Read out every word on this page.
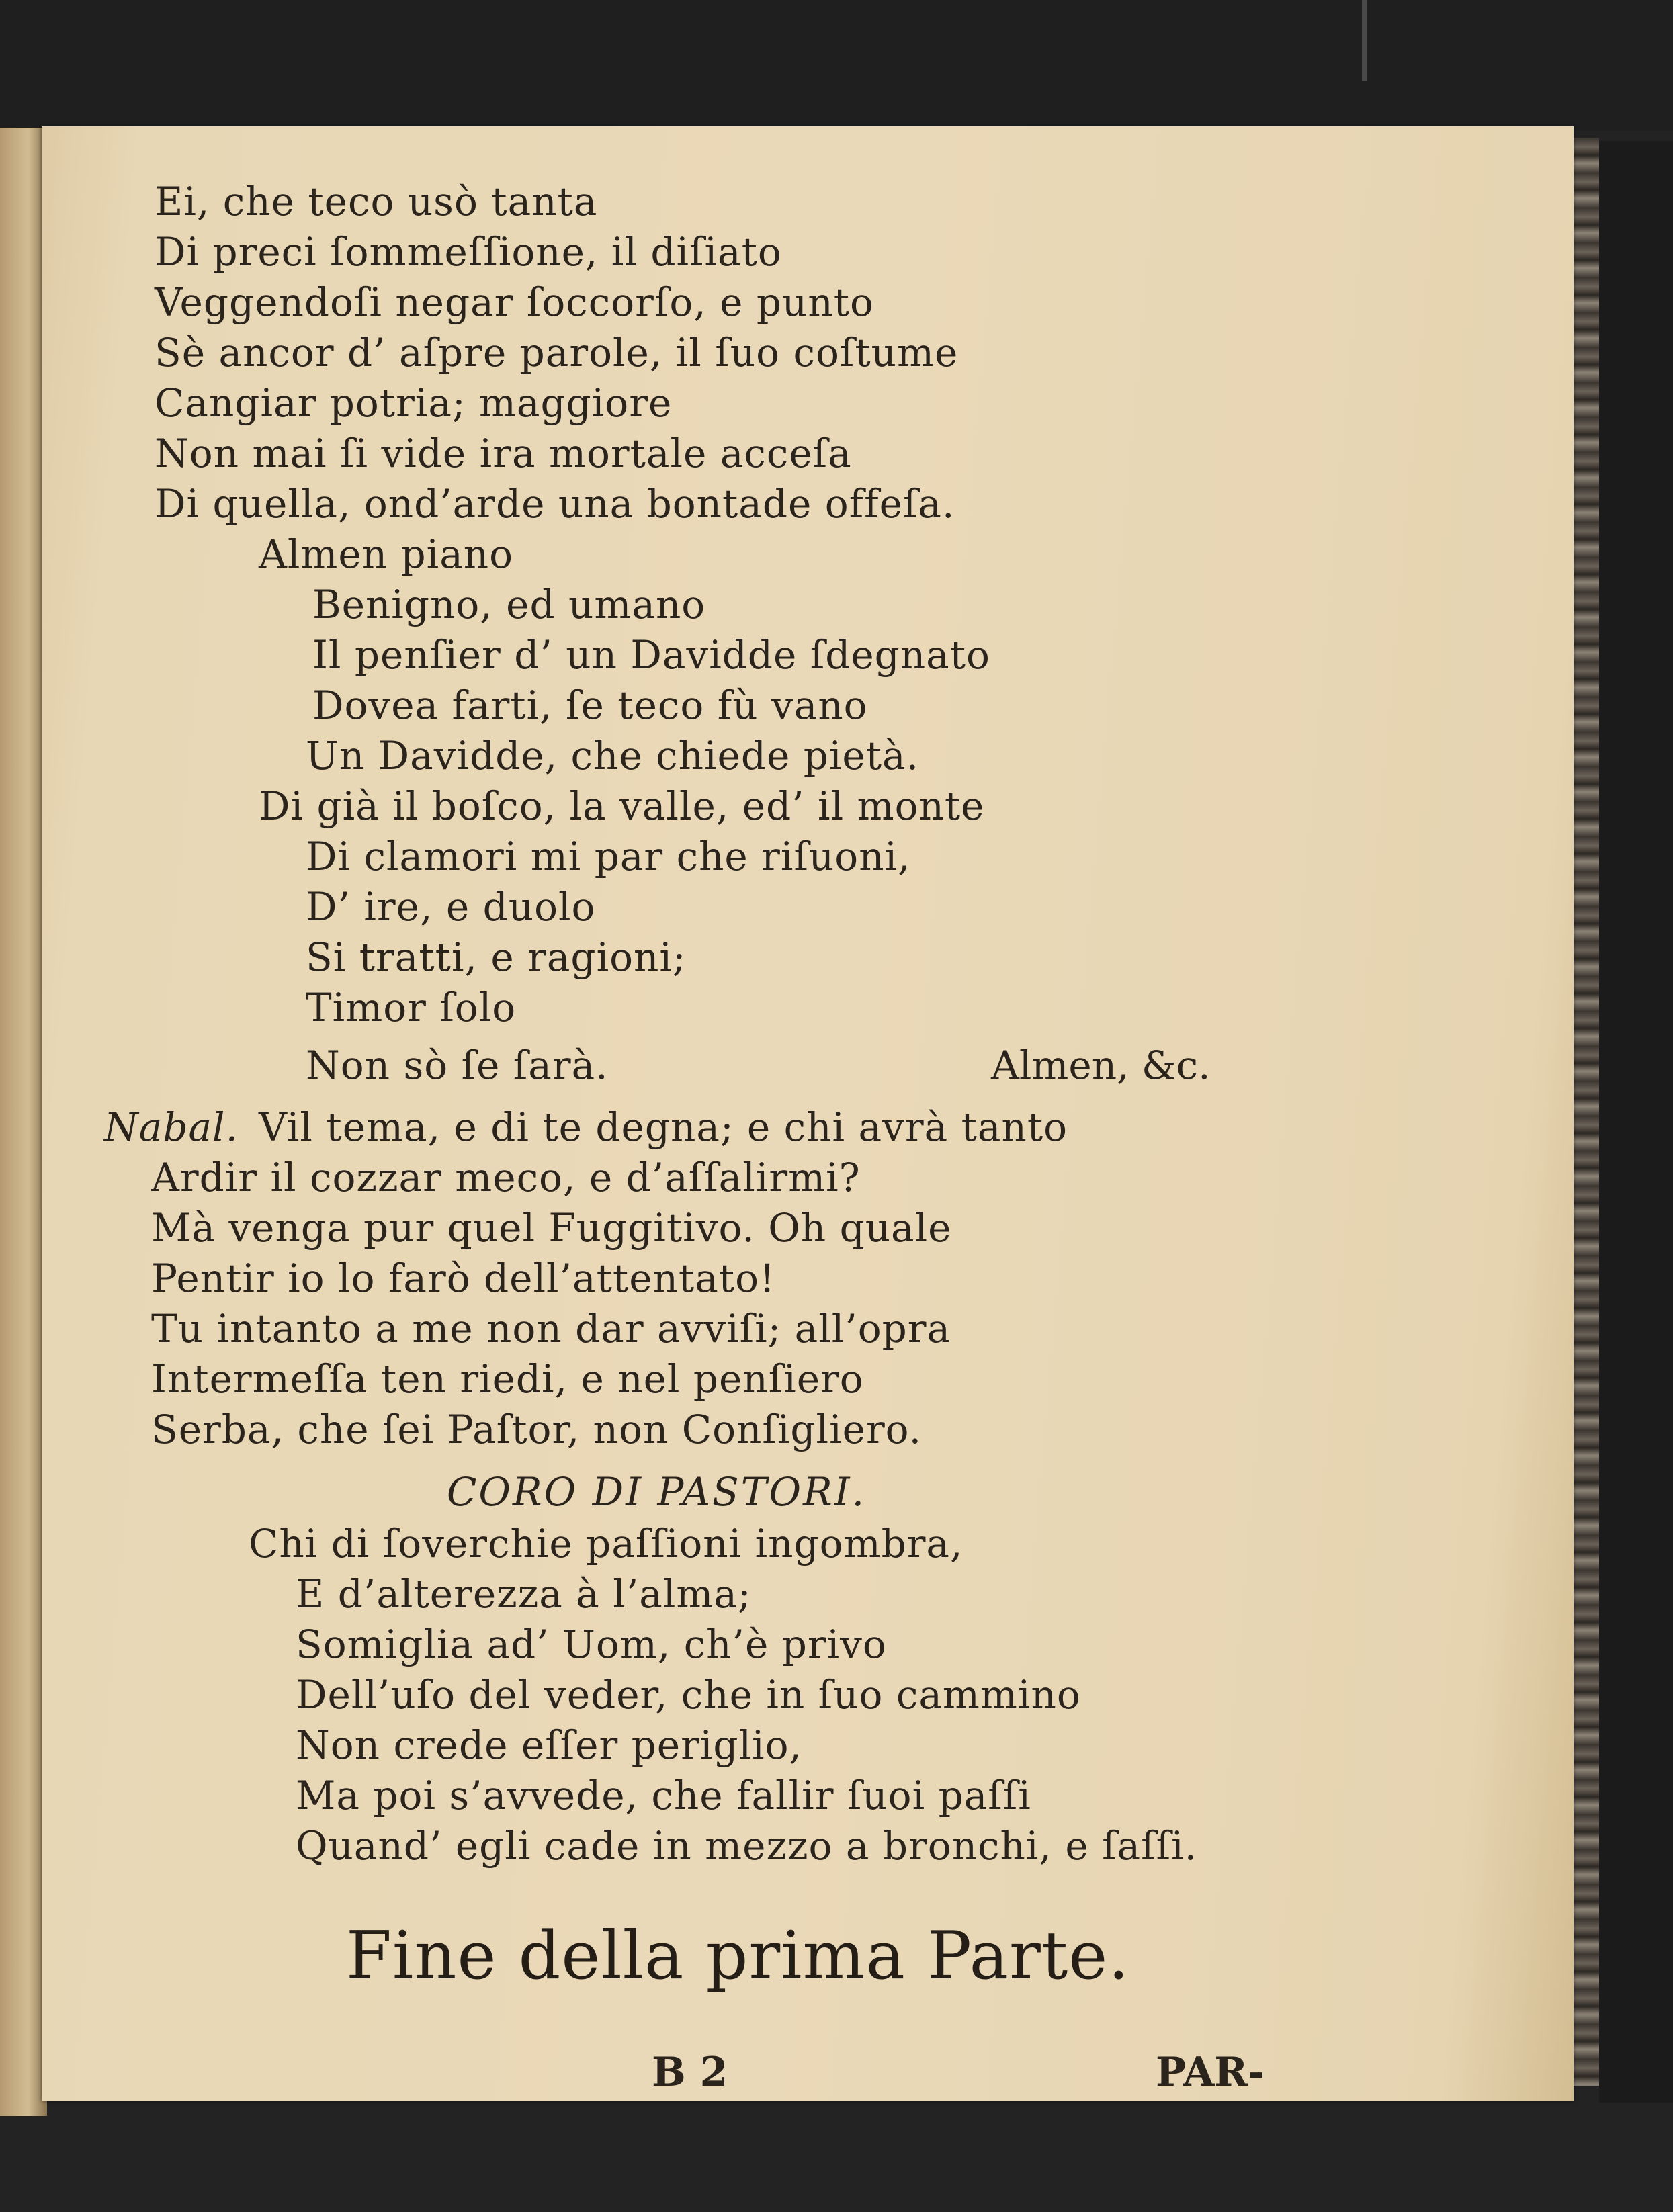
Ei, che teco usò tanta
Di preci ſommeſſione, il diſiato
Veggendoſi negar ſoccorſo, e punto
Sè ancor d’ aſpre parole, il ſuo coſtume
Cangiar potria; maggiore
Non mai ſi vide ira mortale acceſa
Di quella, ond’arde una bontade offeſa.
Almen piano
Benigno, ed umano
Il penſier d’ un Davidde ſdegnato
Dovea farti, ſe teco fù vano
Un Davidde, che chiede pietà.
Di già il boſco, la valle, ed’ il monte
Di clamori mi par che riſuoni,
D’ ire, e duolo
Si tratti, e ragioni;
Timor ſolo
Non sò ſe ſarà.	Almen, &c.
Nabal. Vil tema, e di te degna; e chi avrà tanto
Ardir il cozzar meco, e d’aſſalirmi?
Mà venga pur quel Fuggitivo. Oh quale
Pentir io lo farò dell’attentato!
Tu intanto a me non dar avviſi; all’opra
Intermeſſa ten riedi, e nel penſiero
Serba, che ſei Paſtor, non Conſigliero.
CORO DI PASTORI.
Chi di ſoverchie paſſioni ingombra,
E d’alterezza à l’alma;
Somiglia ad’ Uom, ch’è privo
Dell’uſo del veder, che in ſuo cammino
Non crede eſſer periglio,
Ma poi s’avvede, che fallir ſuoi paſſi
Quand’ egli cade in mezzo a bronchi, e ſaſſi.
Fine della prima Parte.
B 2	PAR-
